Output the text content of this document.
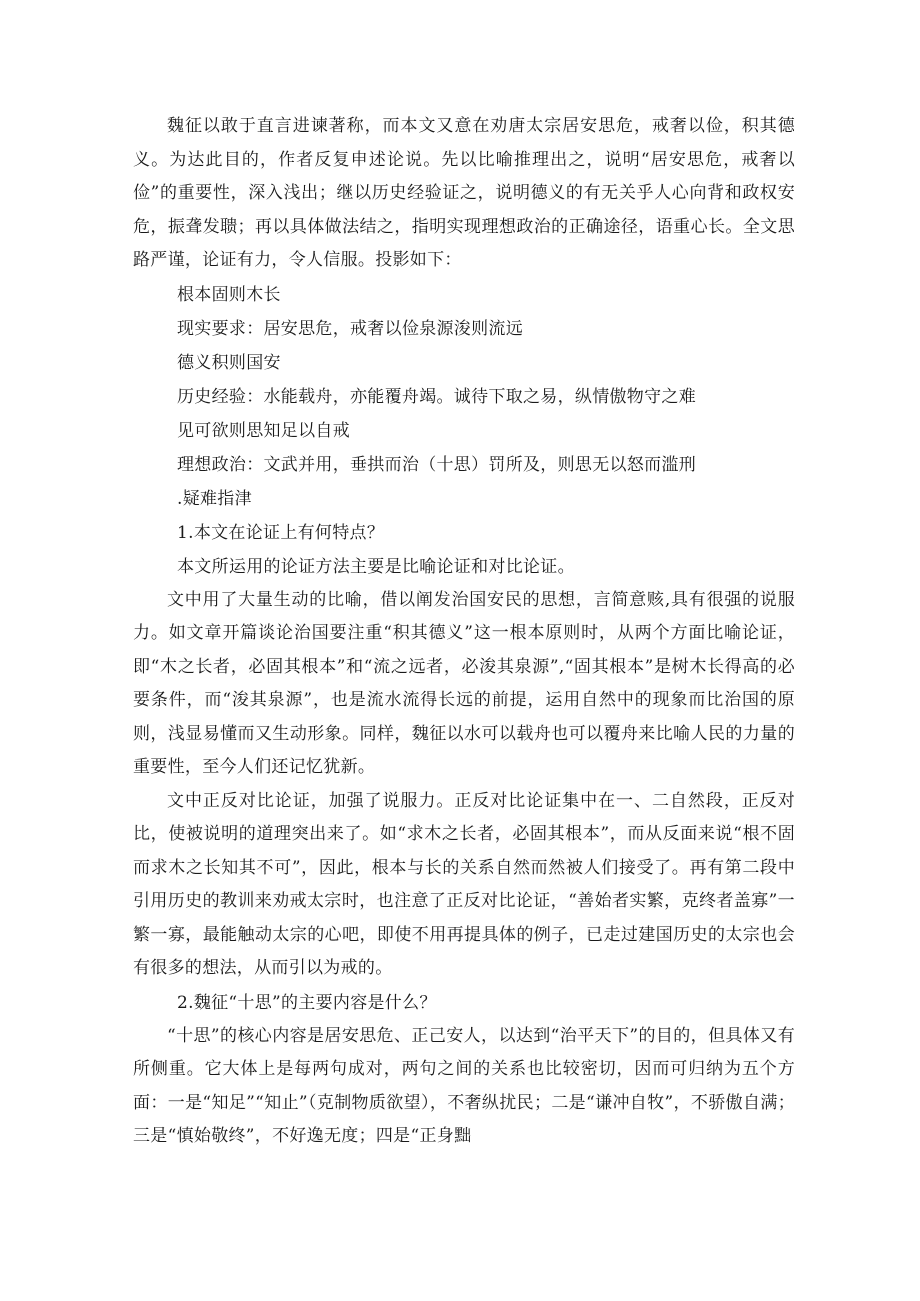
魏征以敢于直言进谏著称，而本文又意在劝唐太宗居安思危，戒奢以俭，积其德义。为达此目的，作者反复申述论说。先以比喻推理出之，说明“居安思危，戒奢以俭”的重要性，深入浅出；继以历史经验证之，说明德义的有无关乎人心向背和政权安危，振聋发聩；再以具体做法结之，指明实现理想政治的正确途径，语重心长。全文思路严谨，论证有力，令人信服。投影如下：

根本固则木长

现实要求：居安思危，戒奢以俭泉源浚则流远

德义积则国安

历史经验：水能载舟，亦能覆舟竭。诚待下取之易，纵情傲物守之难

见可欲则思知足以自戒

理想政治：文武并用，垂拱而治（十思）罚所及，则思无以怒而滥刑

.疑难指津

1.本文在论证上有何特点？

本文所运用的论证方法主要是比喻论证和对比论证。

文中用了大量生动的比喻，借以阐发治国安民的思想，言简意赅,具有很强的说服力。如文章开篇谈论治国要注重“积其德义”这一根本原则时，从两个方面比喻论证，即“木之长者，必固其根本”和“流之远者，必浚其泉源”,“固其根本”是树木长得高的必要条件，而“浚其泉源”，也是流水流得长远的前提，运用自然中的现象而比治国的原则，浅显易懂而又生动形象。同样，魏征以水可以载舟也可以覆舟来比喻人民的力量的重要性，至今人们还记忆犹新。

文中正反对比论证，加强了说服力。正反对比论证集中在一、二自然段，正反对比，使被说明的道理突出来了。如“求木之长者，必固其根本”，而从反面来说“根不固而求木之长知其不可”，因此，根本与长的关系自然而然被人们接受了。再有第二段中引用历史的教训来劝戒太宗时，也注意了正反对比论证，“善始者实繁，克终者盖寡”一繁一寡，最能触动太宗的心吧，即使不用再提具体的例子，已走过建国历史的太宗也会有很多的想法，从而引以为戒的。

2.魏征“十思”的主要内容是什么？

“十思”的核心内容是居安思危、正己安人，以达到“治平天下”的目的，但具体又有所侧重。它大体上是每两句成对，两句之间的关系也比较密切，因而可归纳为五个方面：一是“知足”“知止”（克制物质欲望），不奢纵扰民；二是“谦冲自牧”，不骄傲自满；三是“慎始敬终”，不好逸无度；四是“正身黜
